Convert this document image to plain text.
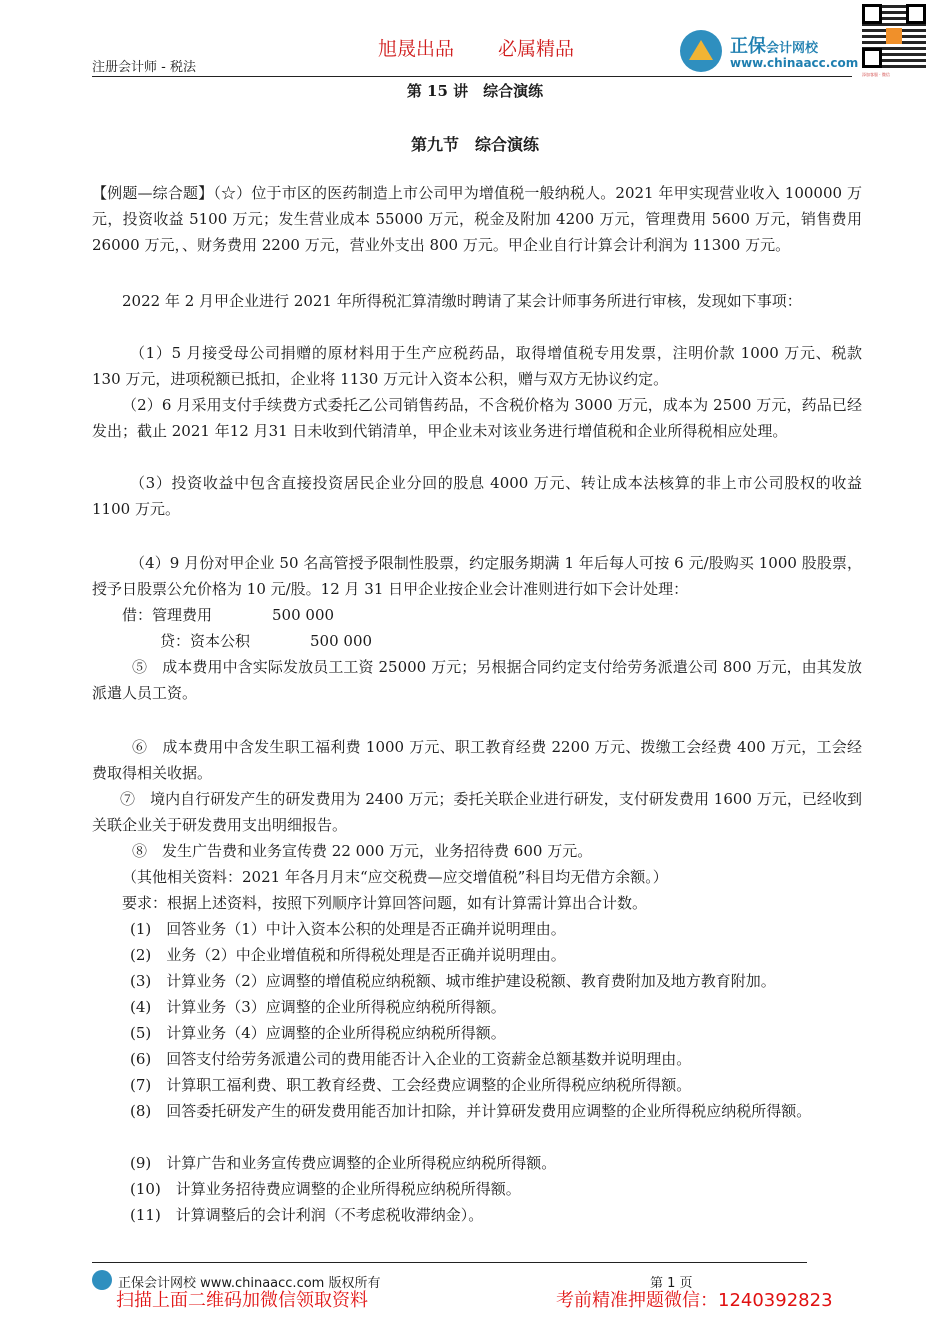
注册会计师 - 税法
旭晟出品 必属精品	正保会计网校
www.chinaacc.com
添加客服 · 微信
第 15 讲　综合演练
第九节　综合演练

【例题—综合题】（☆）位于市区的医药制造上市公司甲为增值税一般纳税人。2021 年甲实现营业收入 100000 万元，投资收益 5100 万元；发生营业成本 55000 万元，税金及附加 4200 万元，管理费用 5600 万元，销售费用 26000 万元，、财务费用 2200 万元，营业外支出 800 万元。甲企业自行计算会计利润为 11300 万元。

2022 年 2 月甲企业进行 2021 年所得税汇算清缴时聘请了某会计师事务所进行审核，发现如下事项：

（1）5 月接受母公司捐赠的原材料用于生产应税药品，取得增值税专用发票，注明价款 1000 万元、税款 130 万元，进项税额已抵扣，企业将 1130 万元计入资本公积，赠与双方无协议约定。

（2）6 月采用支付手续费方式委托乙公司销售药品，不含税价格为 3000 万元，成本为 2500 万元，药品已经发出；截止 2021 年12 月31 日未收到代销清单，甲企业未对该业务进行增值税和企业所得税相应处理。

（3）投资收益中包含直接投资居民企业分回的股息 4000 万元、转让成本法核算的非上市公司股权的收益 1100 万元。

（4）9 月份对甲企业 50 名高管授予限制性股票，约定服务期满 1 年后每人可按 6 元/股购买 1000 股股票，授予日股票公允价格为 10 元/股。12 月 31 日甲企业按企业会计准则进行如下会计处理：

借：管理费用　　　　500 000
贷：资本公积　　　　500 000

⑤　成本费用中含实际发放员工工资 25000 万元；另根据合同约定支付给劳务派遣公司 800 万元，由其发放派遣人员工资。

⑥　成本费用中含发生职工福利费 1000 万元、职工教育经费 2200 万元、拨缴工会经费 400 万元，工会经费取得相关收据。

⑦　境内自行研发产生的研发费用为 2400 万元；委托关联企业进行研发，支付研发费用 1600 万元，已经收到关联企业关于研发费用支出明细报告。

⑧　发生广告费和业务宣传费 22 000 万元，业务招待费 600 万元。
（其他相关资料：2021 年各月月末“应交税费—应交增值税”科目均无借方余额。）
要求：根据上述资料，按照下列顺序计算回答问题，如有计算需计算出合计数。
(1)　回答业务（1）中计入资本公积的处理是否正确并说明理由。
(2)　业务（2）中企业增值税和所得税处理是否正确并说明理由。
(3)　计算业务（2）应调整的增值税应纳税额、城市维护建设税额、教育费附加及地方教育附加。
(4)　计算业务（3）应调整的企业所得税应纳税所得额。
(5)　计算业务（4）应调整的企业所得税应纳税所得额。
(6)　回答支付给劳务派遣公司的费用能否计入企业的工资薪金总额基数并说明理由。
(7)　计算职工福利费、职工教育经费、工会经费应调整的企业所得税应纳税所得额。

(8)　回答委托研发产生的研发费用能否加计扣除，并计算研发费用应调整的企业所得税应纳税所得额。

(9)　计算广告和业务宣传费应调整的企业所得税应纳税所得额。
(10)　计算业务招待费应调整的企业所得税应纳税所得额。
(11)　计算调整后的会计利润（不考虑税收滞纳金）。
正保会计网校 www.chinaacc.com 版权所有	第 1 页
扫描上面二维码加微信领取资料	考前精准押题微信：1240392823
